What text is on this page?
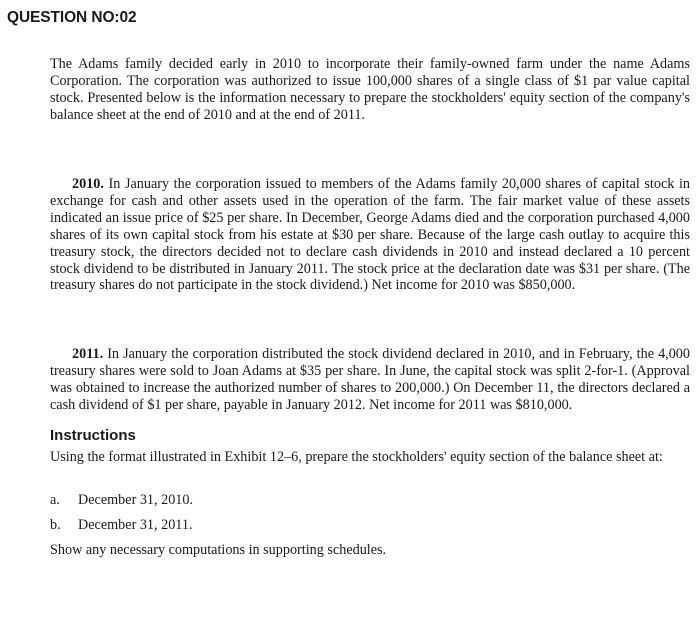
QUESTION NO:02

The Adams family decided early in 2010 to incorporate their family-owned farm under the name Adams Corporation. The corporation was authorized to issue 100,000 shares of a single class of $1 par value capital stock. Presented below is the information necessary to prepare the stockholders' equity section of the company's balance sheet at the end of 2010 and at the end of 2011.

2010. In January the corporation issued to members of the Adams family 20,000 shares of capital stock in exchange for cash and other assets used in the operation of the farm. The fair market value of these assets indicated an issue price of $25 per share. In December, George Adams died and the corporation purchased 4,000 shares of its own capital stock from his estate at $30 per share. Because of the large cash outlay to acquire this treasury stock, the directors decided not to declare cash dividends in 2010 and instead declared a 10 percent stock dividend to be distributed in January 2011. The stock price at the declaration date was $31 per share. (The treasury shares do not participate in the stock dividend.) Net income for 2010 was $850,000.

2011. In January the corporation distributed the stock dividend declared in 2010, and in February, the 4,000 treasury shares were sold to Joan Adams at $35 per share. In June, the capital stock was split 2-for-1. (Approval was obtained to increase the authorized number of shares to 200,000.) On December 11, the directors declared a cash dividend of $1 per share, payable in January 2012. Net income for 2011 was $810,000.

Instructions

Using the format illustrated in Exhibit 12–6, prepare the stockholders' equity section of the balance sheet at:

a. December 31, 2010.
b. December 31, 2011.
Show any necessary computations in supporting schedules.
